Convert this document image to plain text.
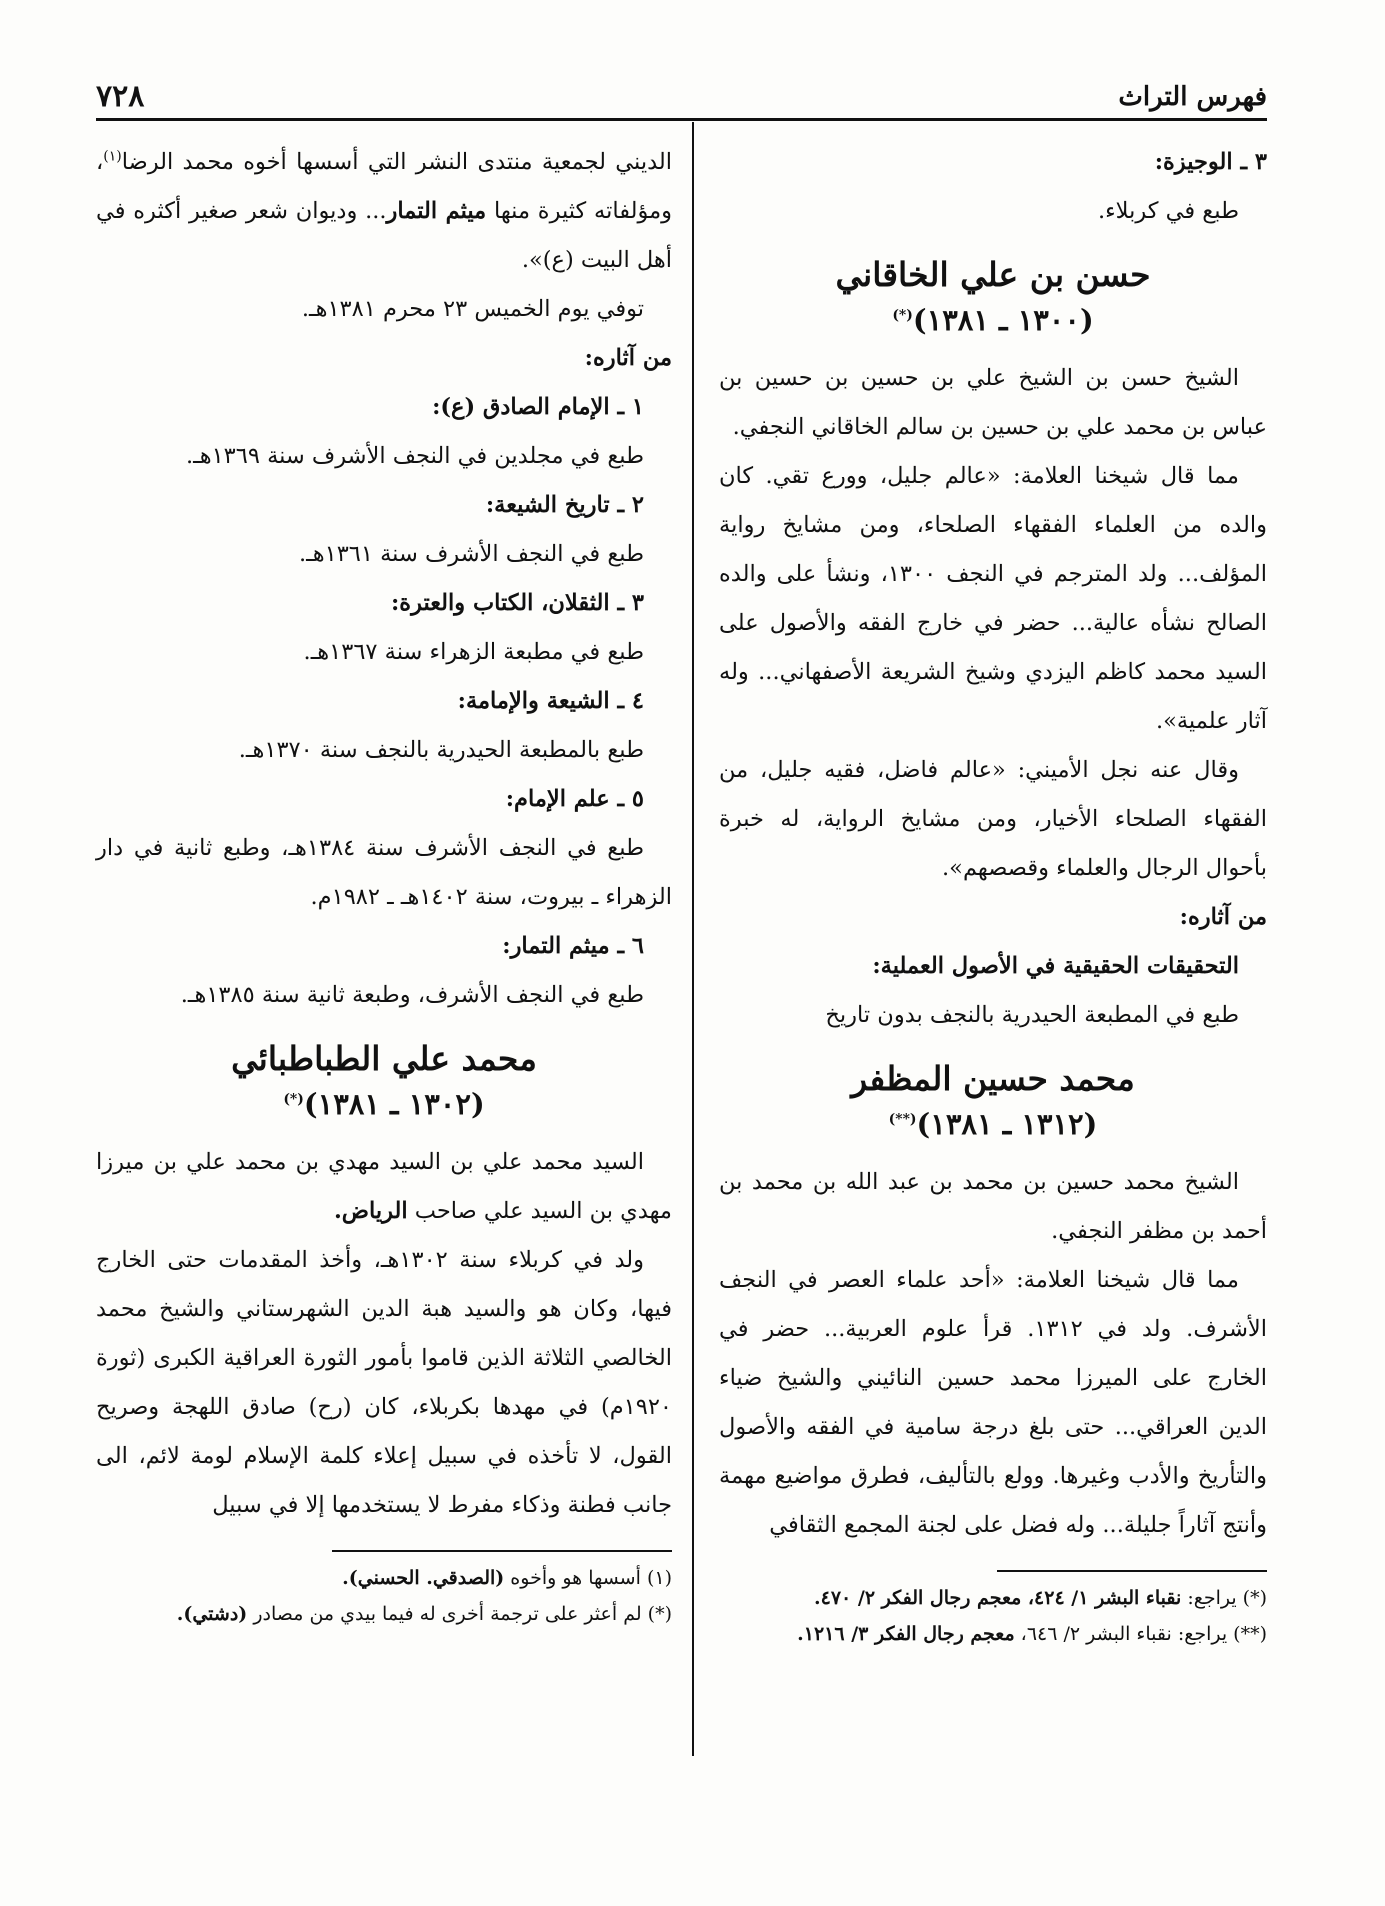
فهرس التراث
٧٢٨

٣ ـ الوجيزة:

طبع في كربلاء.

حسن بن علي الخاقاني
(١٣٠٠ ـ ١٣٨١)(*)

الشيخ حسن بن الشيخ علي بن حسين بن حسين بن عباس بن محمد علي بن حسين بن سالم الخاقاني النجفي.

مما قال شيخنا العلامة: «عالم جليل، وورع تقي. كان والده من العلماء الفقهاء الصلحاء، ومن مشايخ رواية المؤلف... ولد المترجم في النجف ١٣٠٠، ونشأ على والده الصالح نشأه عالية... حضر في خارج الفقه والأصول على السيد محمد كاظم اليزدي وشيخ الشريعة الأصفهاني... وله آثار علمية».

وقال عنه نجل الأميني: «عالم فاضل، فقيه جليل، من الفقهاء الصلحاء الأخيار، ومن مشايخ الرواية، له خبرة بأحوال الرجال والعلماء وقصصهم».

من آثاره:

التحقيقات الحقيقية في الأصول العملية:

طبع في المطبعة الحيدرية بالنجف بدون تاريخ

محمد حسين المظفر
(١٣١٢ ـ ١٣٨١)(**)

الشيخ محمد حسين بن محمد بن عبد الله بن محمد بن أحمد بن مظفر النجفي.

مما قال شيخنا العلامة: «أحد علماء العصر في النجف الأشرف. ولد في ١٣١٢. قرأ علوم العربية... حضر في الخارج على الميرزا محمد حسين النائيني والشيخ ضياء الدين العراقي... حتى بلغ درجة سامية في الفقه والأصول والتأريخ والأدب وغيرها. وولع بالتأليف، فطرق مواضيع مهمة وأنتج آثاراً جليلة... وله فضل على لجنة المجمع الثقافي

(*) يراجع: نقباء البشر ١/ ٤٢٤، معجم رجال الفكر ٢/ ٤٧٠.

(**) يراجع: نقباء البشر ٢/ ٦٤٦، معجم رجال الفكر ٣/ ١٢١٦.

الديني لجمعية منتدى النشر التي أسسها أخوه محمد الرضا$^{(١)}$، ومؤلفاته كثيرة منها ميثم التمار... وديوان شعر صغير أكثره في أهل البيت (ع)».

توفي يوم الخميس ٢٣ محرم ١٣٨١هـ.

من آثاره:

١ ـ الإمام الصادق (ع):

طبع في مجلدين في النجف الأشرف سنة ١٣٦٩هـ.

٢ ـ تاريخ الشيعة:

طبع في النجف الأشرف سنة ١٣٦١هـ.

٣ ـ الثقلان، الكتاب والعترة:

طبع في مطبعة الزهراء سنة ١٣٦٧هـ.

٤ ـ الشيعة والإمامة:

طبع بالمطبعة الحيدرية بالنجف سنة ١٣٧٠هـ.

٥ ـ علم الإمام:

طبع في النجف الأشرف سنة ١٣٨٤هـ، وطبع ثانية في دار الزهراء ـ بيروت، سنة ١٤٠٢هـ ـ ١٩٨٢م.

٦ ـ ميثم التمار:

طبع في النجف الأشرف، وطبعة ثانية سنة ١٣٨٥هـ.

محمد علي الطباطبائي
(١٣٠٢ ـ ١٣٨١)(*)

السيد محمد علي بن السيد مهدي بن محمد علي بن ميرزا مهدي بن السيد علي صاحب الرياض.

ولد في كربلاء سنة ١٣٠٢هـ، وأخذ المقدمات حتى الخارج فيها، وكان هو والسيد هبة الدين الشهرستاني والشيخ محمد الخالصي الثلاثة الذين قاموا بأمور الثورة العراقية الكبرى (ثورة ١٩٢٠م) في مهدها بكربلاء، كان (رح) صادق اللهجة وصريح القول، لا تأخذه في سبيل إعلاء كلمة الإسلام لومة لائم، الى جانب فطنة وذكاء مفرط لا يستخدمها إلا في سبيل

(١) أسسها هو وأخوه (الصدقي. الحسني).

(*) لم أعثر على ترجمة أخرى له فيما بيدي من مصادر (دشتي).
